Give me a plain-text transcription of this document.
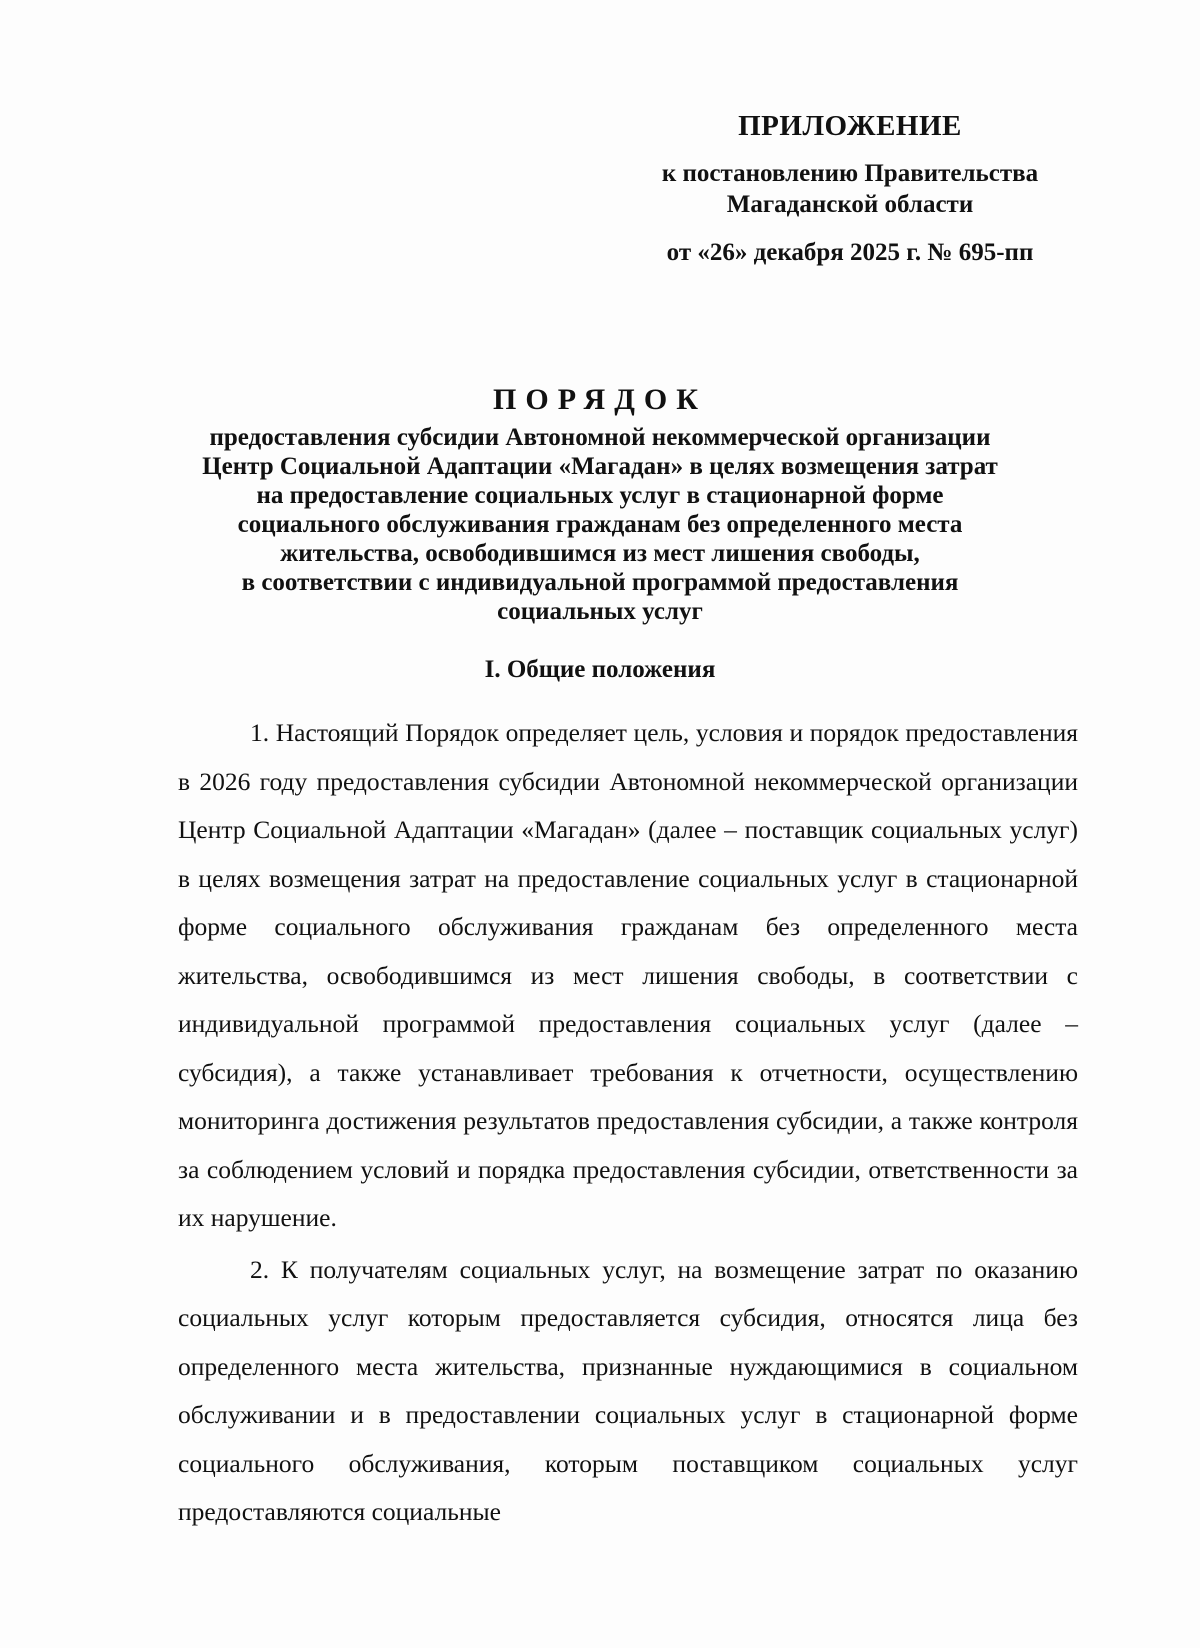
ПРИЛОЖЕНИЕ
к постановлению Правительства
Магаданской области
от «26» декабря 2025 г. № 695-пп
ПОРЯДОК
предоставления субсидии Автономной некоммерческой организации
Центр Социальной Адаптации «Магадан» в целях возмещения затрат
на предоставление социальных услуг в стационарной форме
социального обслуживания гражданам без определенного места
жительства, освободившимся из мест лишения свободы,
в соответствии с индивидуальной программой предоставления
социальных услуг
I. Общие положения

1. Настоящий Порядок определяет цель, условия и порядок предоставления в 2026 году предоставления субсидии Автономной некоммерческой организации Центр Социальной Адаптации «Магадан» (далее – поставщик социальных услуг) в целях возмещения затрат на предоставление социальных услуг в стационарной форме социального обслуживания гражданам без определенного места жительства, освободившимся из мест лишения свободы, в соответствии с индивидуальной программой предоставления социальных услуг (далее – субсидия), а также устанавливает требования к отчетности, осуществлению мониторинга достижения результатов предоставления субсидии, а также контроля за соблюдением условий и порядка предоставления субсидии, ответственности за их нарушение.

2. К получателям социальных услуг, на возмещение затрат по оказанию социальных услуг которым предоставляется субсидия, относятся лица без определенного места жительства, признанные нуждающимися в социальном обслуживании и в предоставлении социальных услуг в стационарной форме социального обслуживания, которым поставщиком социальных услуг предоставляются социальные
